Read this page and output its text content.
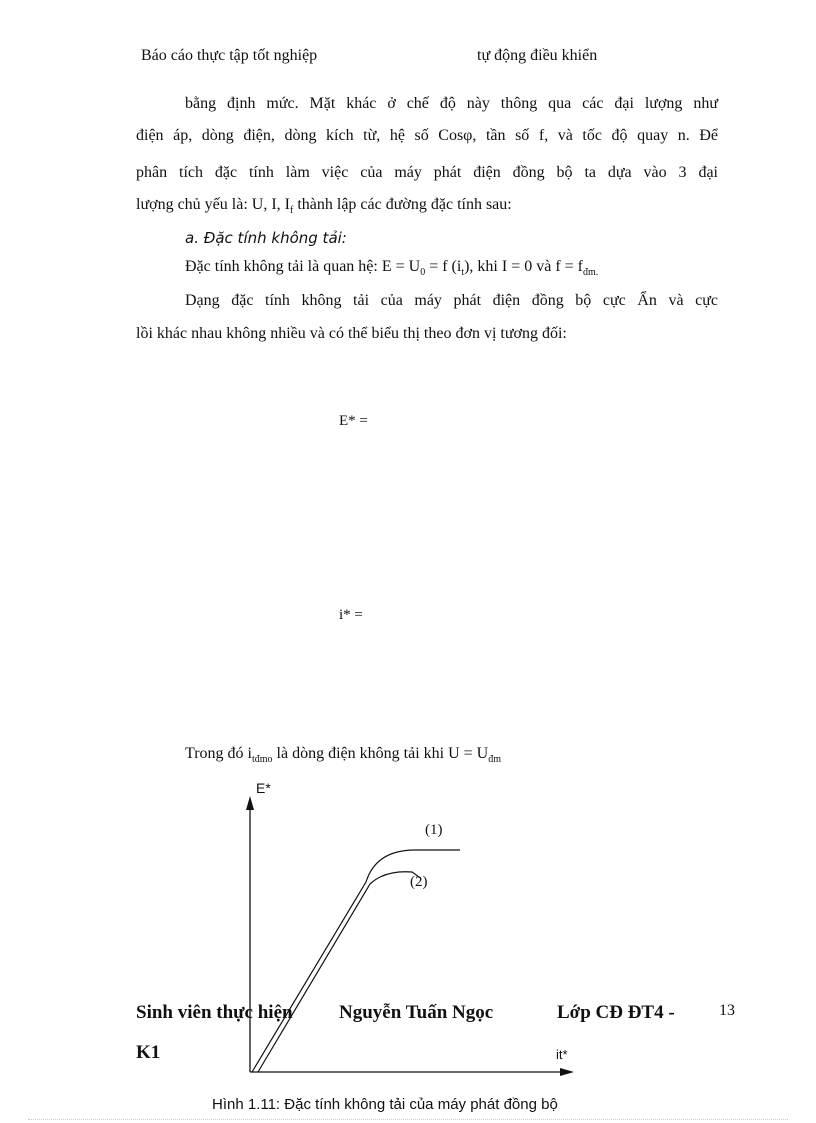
Báo cáo thực tập tốt nghiệp	tự động điều khiển
bằng định mức. Mặt khác ở chế độ này thông qua các đại lượng như
điện áp, dòng điện, dòng kích từ, hệ số Cosφ, tần số f, và tốc độ quay n. Để
phân tích đặc tính làm việc của máy phát điện đồng bộ ta dựa vào 3 đại
lượng chủ yếu là: U, I, $I_f$ thành lập các đường đặc tính sau:
a. Đặc tính không tải:
Đặc tính không tải là quan hệ: $E = U_0 = f$ $(i_t)$, khi I = 0 và $f = f_{đm.}$
Dạng đặc tính không tải của máy phát điện đồng bộ cực Ẩn và cực
lồi khác nhau không nhiều và có thể biểu thị theo đơn vị tương đối:
E* =
i* =
Trong đó $i_{tđmo}$ là dòng điện không tải khi $U = U_{đm}$
E*
it*
(1)
(2)
Sinh viên thực hiện Nguyễn Tuấn Ngọc	Lớp CĐ ĐT4 -	13
K1
Hình 1.11: Đặc tính không tải của máy phát đồng bộ
